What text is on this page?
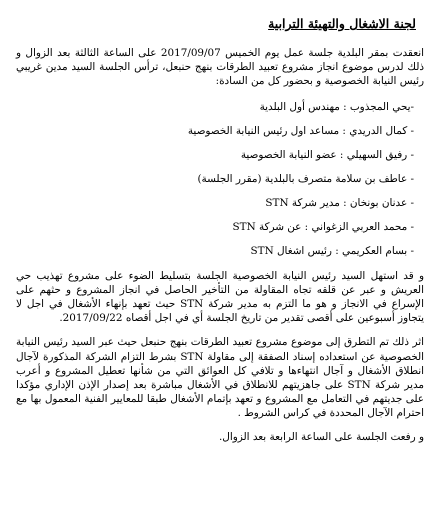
لجنة الاشغال والتهيئة الترابية

انعقدت بمقر البلدية جلسة عمل يوم الخميس 2017/09/07 على الساعة الثالثة بعد الزوال و ذلك لدرس موضوع انجاز مشروع تعبيد الطرقات بنهج حنبعل، ترأس الجلسة السيد مدين غريبي رئيس النيابة الخصوصية و بحضور كل من السادة:

-يحي المجذوب : مهندس أول البلدية

- كمال الدريدي : مساعد اول رئيس النيابة الخصوصية

- رفيق السهيلي : عضو النيابة الخصوصية

- عاطف بن سلامة متصرف بالبلدية (مقرر الجلسة)

- عدنان بونخان : مدير شركة STN

- محمد العربي الزغواني : عن شركة STN

- بسام العكريمي : رئيس اشغال STN

و قد استهل السيد رئيس النيابة الخصوصية الجلسة بتسليط الضوء على مشروع تهذيب حي العريش و عبر عن قلقه تجاه المقاولة من التأخير الحاصل في انجاز المشروع و حثهم على الإسراع في الانجاز و هو ما التزم به مدير شركة STN حيث تعهد بإنهاء الأشغال في اجل لا يتجاوز أسبوعين على أقصى تقدير من تاريخ الجلسة أي في اجل أقصاه 2017/09/22.

اثر ذلك تم التطرق إلى موضوع مشروع تعبيد الطرقات بنهج حنبعل حيث عبر السيد رئيس النيابة الخصوصية عن استعداده إسناد الصفقة إلى مقاولة STN بشرط التزام الشركة المذكورة لآجال انطلاق الأشغال و آجال انتهاءها و تلافي كل العوائق التي من شأنها تعطيل المشروع و أعرب مدير شركة STN على جاهزيتهم للانطلاق في الأشغال مباشرة بعد إصدار الإذن الإداري مؤكدا على جديتهم في التعامل مع المشروع و تعهد بإتمام الأشغال طبقا للمعايير الفنية المعمول بها مع احترام الآجال المحددة في كراس الشروط .

و رفعت الجلسة على الساعة الرابعة بعد الزوال.
